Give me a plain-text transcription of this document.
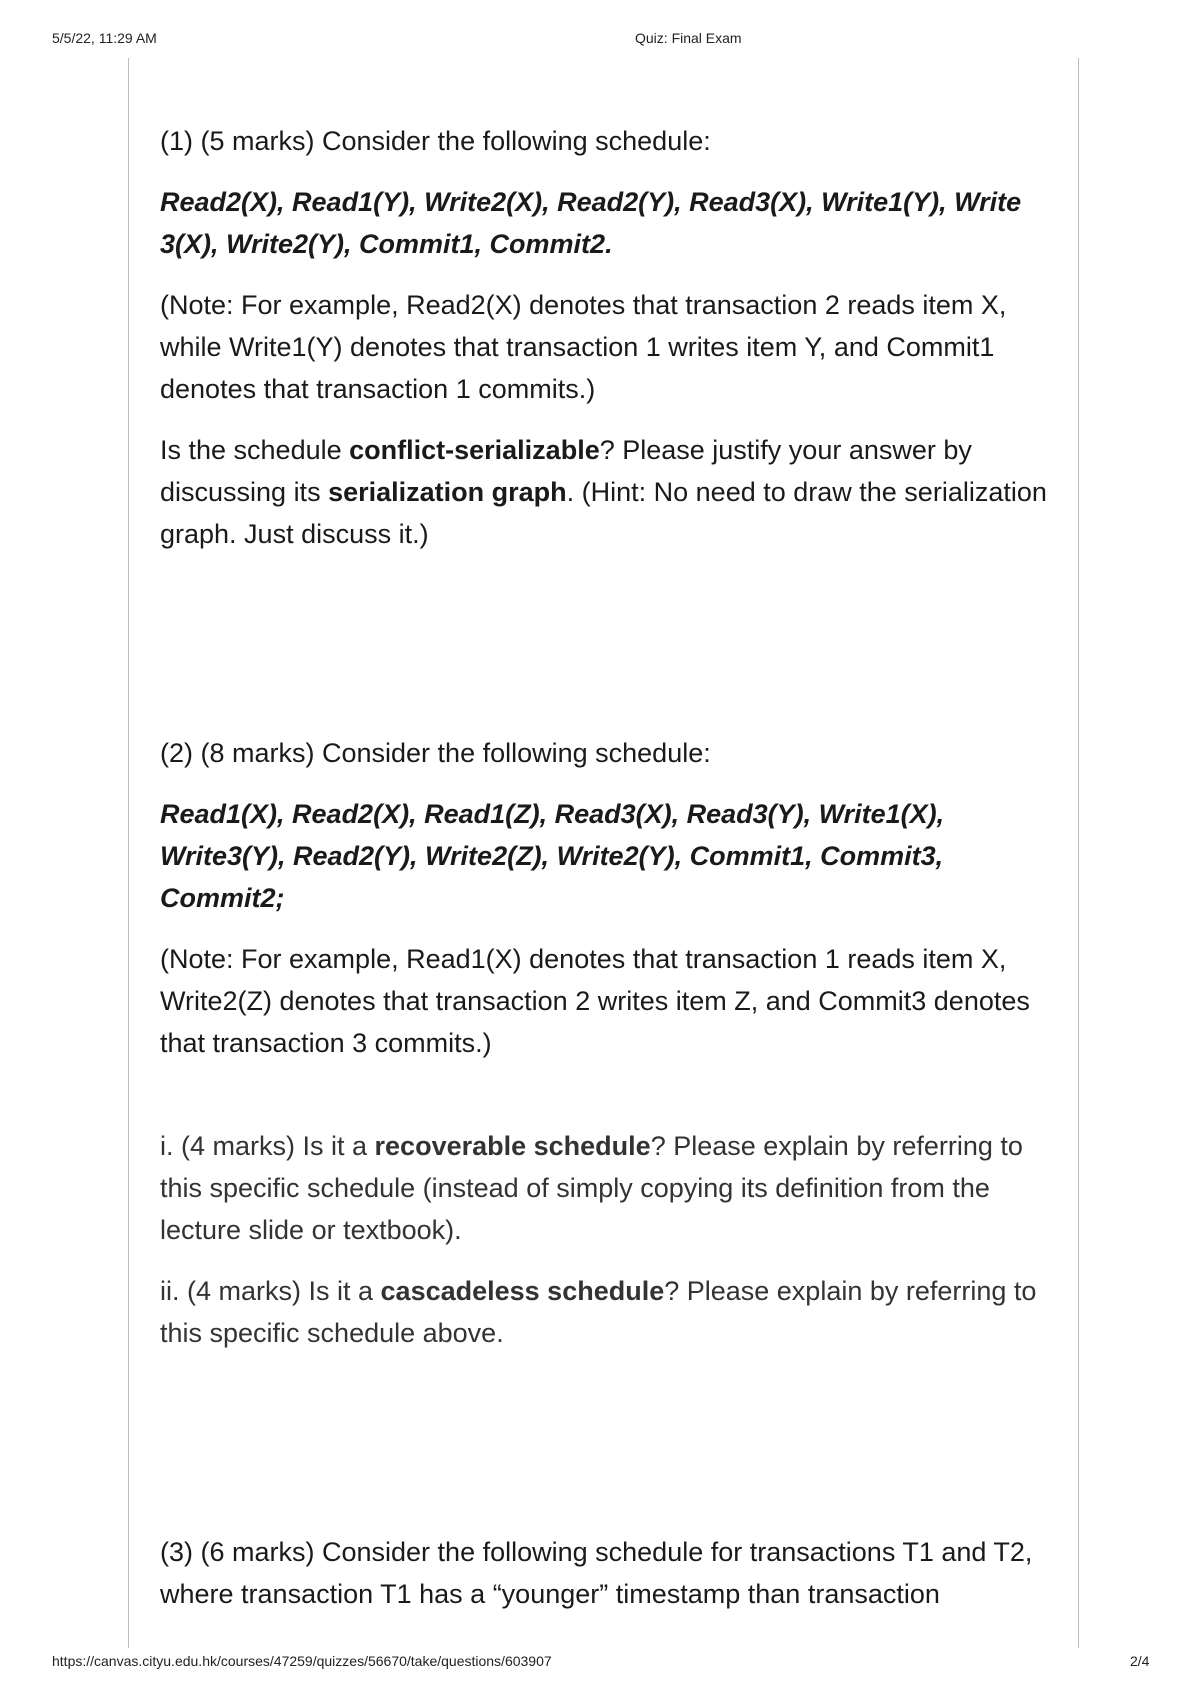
5/5/22, 11:29 AM	Quiz: Final Exam

(1) (5 marks) Consider the following schedule:

Read2(X), Read1(Y), Write2(X), Read2(Y), Read3(X), Write1(Y), Write 3(X), Write2(Y), Commit1, Commit2.

(Note: For example, Read2(X) denotes that transaction 2 reads item X, while Write1(Y) denotes that transaction 1 writes item Y, and Commit1 denotes that transaction 1 commits.)

Is the schedule conflict-serializable? Please justify your answer by discussing its serialization graph. (Hint: No need to draw the serialization graph. Just discuss it.)

(2) (8 marks) Consider the following schedule:

Read1(X), Read2(X), Read1(Z), Read3(X), Read3(Y), Write1(X), Write3(Y), Read2(Y), Write2(Z), Write2(Y), Commit1, Commit3, Commit2;

(Note: For example, Read1(X) denotes that transaction 1 reads item X, Write2(Z) denotes that transaction 2 writes item Z, and Commit3 denotes that transaction 3 commits.)

i. (4 marks) Is it a recoverable schedule? Please explain by referring to this specific schedule (instead of simply copying its definition from the lecture slide or textbook).

ii. (4 marks) Is it a cascadeless schedule? Please explain by referring to this specific schedule above.

(3) (6 marks) Consider the following schedule for transactions T1 and T2, where transaction T1 has a “younger” timestamp than transaction

https://canvas.cityu.edu.hk/courses/47259/quizzes/56670/take/questions/603907	2/4
